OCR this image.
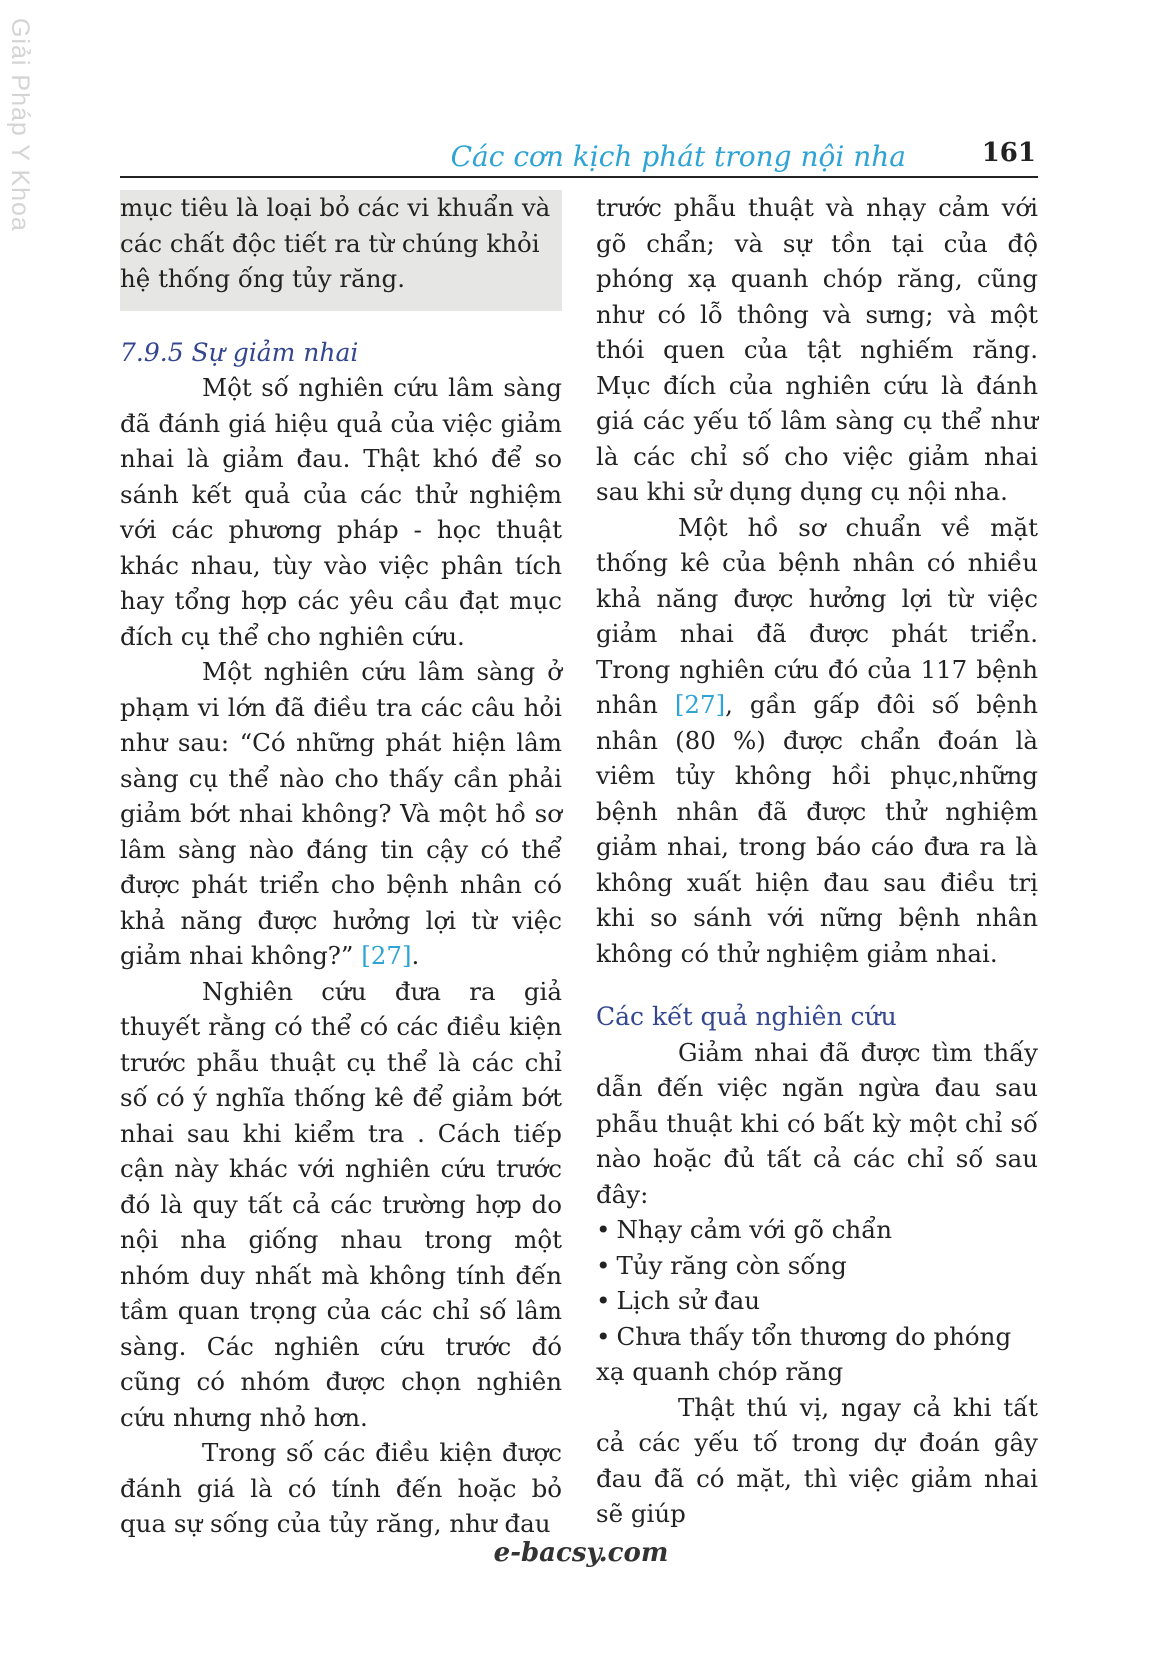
Giải Pháp Y Khoa	Các cơn kịch phát trong nội nha	161

mục tiêu là loại bỏ các vi khuẩn và các chất độc tiết ra từ chúng khỏi hệ thống ống tủy răng.

7.9.5 Sự giảm nhai

Một số nghiên cứu lâm sàng đã đánh giá hiệu quả của việc giảm nhai là giảm đau. Thật khó để so sánh kết quả của các thử nghiệm với các phương pháp - học thuật khác nhau, tùy vào việc phân tích hay tổng hợp các yêu cầu đạt mục đích cụ thể cho nghiên cứu.

Một nghiên cứu lâm sàng ở phạm vi lớn đã điều tra các câu hỏi như sau: “Có những phát hiện lâm sàng cụ thể nào cho thấy cần phải giảm bớt nhai không? Và một hồ sơ lâm sàng nào đáng tin cậy có thể được phát triển cho bệnh nhân có khả năng được hưởng lợi từ việc giảm nhai không?” [27].

Nghiên cứu đưa ra giả thuyết rằng có thể có các điều kiện trước phẫu thuật cụ thể là các chỉ số có ý nghĩa thống kê để giảm bớt nhai sau khi kiểm tra . Cách tiếp cận này khác với nghiên cứu trước đó là quy tất cả các trường hợp do nội nha giống nhau trong một nhóm duy nhất mà không tính đến tầm quan trọng của các chỉ số lâm sàng. Các nghiên cứu trước đó cũng có nhóm được chọn nghiên cứu nhưng nhỏ hơn.

Trong số các điều kiện được đánh giá là có tính đến hoặc bỏ qua sự sống của tủy răng, như đau

trước phẫu thuật và nhạy cảm với gõ chẩn; và sự tồn tại của độ phóng xạ quanh chóp răng, cũng như có lỗ thông và sưng; và một thói quen của tật nghiếm răng. Mục đích của nghiên cứu là đánh giá các yếu tố lâm sàng cụ thể như là các chỉ số cho việc giảm nhai sau khi sử dụng dụng cụ nội nha.

Một hồ sơ chuẩn về mặt thống kê của bệnh nhân có nhiều khả năng được hưởng lợi từ việc giảm nhai đã được phát triển. Trong nghiên cứu đó của 117 bệnh nhân [27], gần gấp đôi số bệnh nhân (80 %) được chẩn đoán là viêm tủy không hồi phục,những bệnh nhân đã được thử nghiệm giảm nhai, trong báo cáo đưa ra là không xuất hiện đau sau điều trị khi so sánh với nững bệnh nhân không có thử nghiệm giảm nhai.

Các kết quả nghiên cứu

Giảm nhai đã được tìm thấy dẫn đến việc ngăn ngừa đau sau phẫu thuật khi có bất kỳ một chỉ số nào hoặc đủ tất cả các chỉ số sau đây:

• Nhạy cảm với gõ chẩn
• Tủy răng còn sống
• Lịch sử đau
• Chưa thấy tổn thương do phóng xạ quanh chóp răng

Thật thú vị, ngay cả khi tất cả các yếu tố trong dự đoán gây đau đã có mặt, thì việc giảm nhai sẽ giúp

e-bacsy.com
